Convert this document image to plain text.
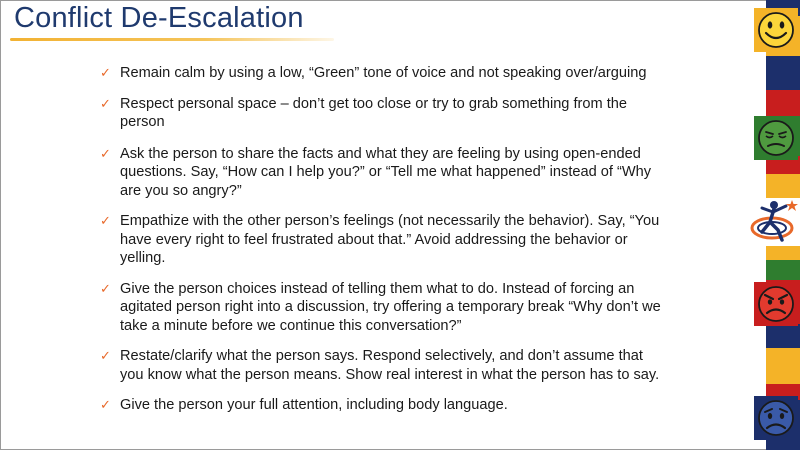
Conflict De-Escalation
✓ Remain calm by using a low, “Green” tone of voice and not speaking over/arguing
✓ Respect personal space – don’t get too close or try to grab something from the person
✓ Ask the person to share the facts and what they are feeling by using open-ended questions. Say, “How can I help you?” or “Tell me what happened” instead of “Why are you so angry?”
✓ Empathize with the other person’s feelings (not necessarily the behavior). Say, “You have every right to feel frustrated about that.” Avoid addressing the behavior or yelling.
✓ Give the person choices instead of telling them what to do. Instead of forcing an agitated person right into a discussion, try offering a temporary break “Why don’t we take a minute before we continue this conversation?”
✓ Restate/clarify what the person says. Respond selectively, and don’t assume that you know what the person means. Show real interest in what the person has to say.
✓ Give the person your full attention, including body language.
